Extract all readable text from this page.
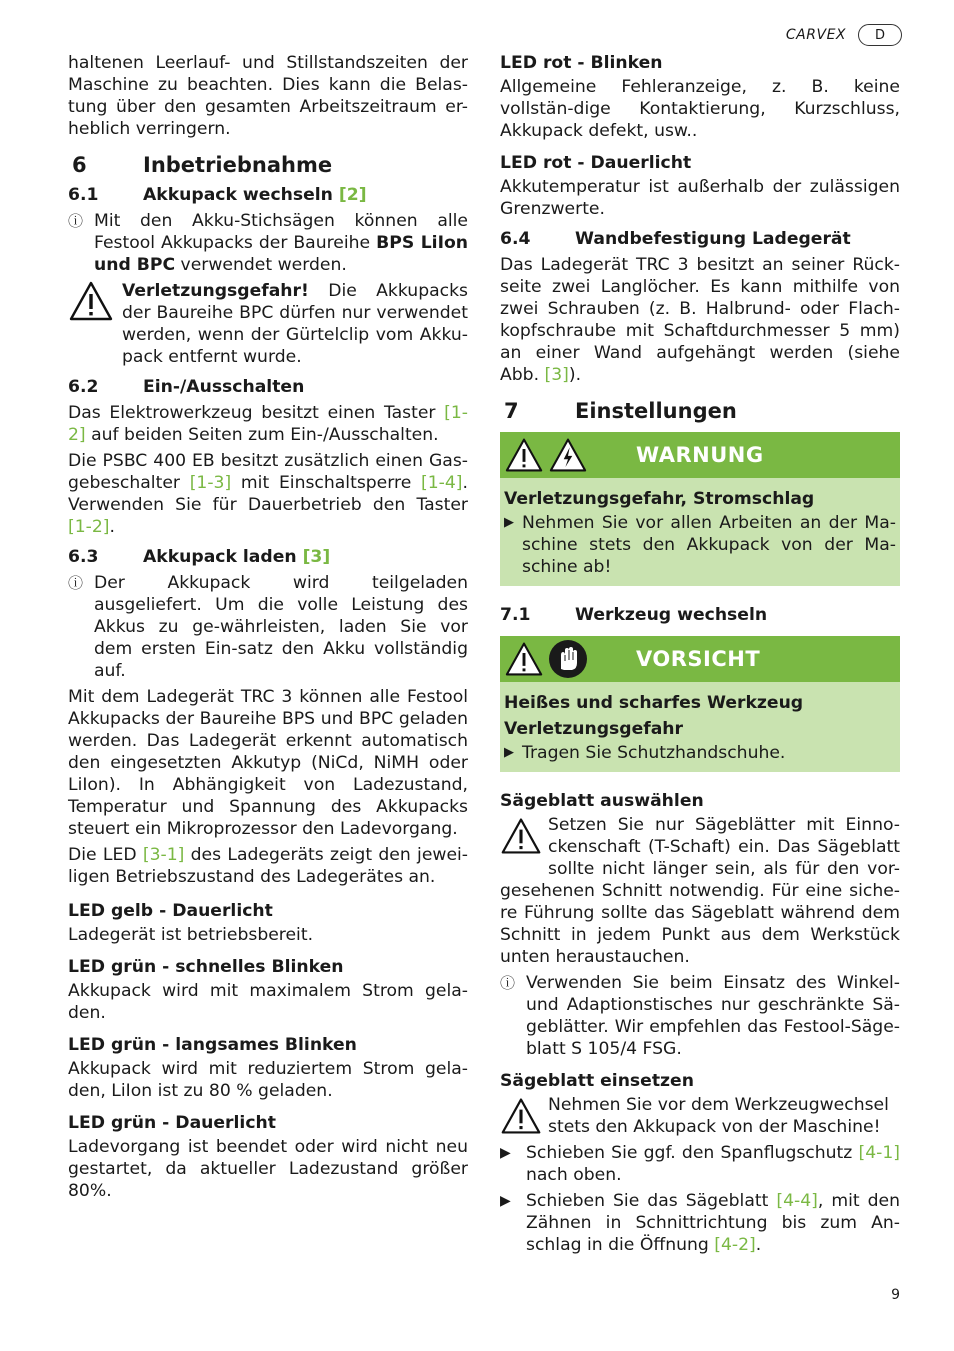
CARVEX	D

haltenen Leerlauf- und Stillstandszeiten der Maschine zu beachten. Dies kann die Belas-tung über den gesamten Arbeitszeitraum er-heblich verringern.

6	Inbetriebnahme
6.1	Akkupack wechseln [2]
ⓘ Mit den Akku-Stichsägen können alle Festool Akkupacks der Baureihe BPS LiIon und BPC verwendet werden.

Verletzungsgefahr! Die Akkupacks der Baureihe BPC dürfen nur verwendet werden, wenn der Gürtelclip vom Akku-pack entfernt wurde.

6.2	Ein-/Ausschalten

Das Elektrowerkzeug besitzt einen Taster [1-2] auf beiden Seiten zum Ein-/Ausschalten.

Die PSBC 400 EB besitzt zusätzlich einen Gas-gebeschalter [1-3] mit Einschaltsperre [1-4]. Verwenden Sie für Dauerbetrieb den Taster [1-2].

6.3	Akkupack laden [3]
ⓘ Der Akkupack wird teilgeladen ausgeliefert. Um die volle Leistung des Akkus zu ge-währleisten, laden Sie vor dem ersten Ein-satz den Akku vollständig auf.

Mit dem Ladegerät TRC 3 können alle Festool Akkupacks der Baureihe BPS und BPC geladen werden. Das Ladegerät erkennt automatisch den eingesetzten Akkutyp (NiCd, NiMH oder LiIon). In Abhängigkeit von Ladezustand, Temperatur und Spannung des Akkupacks steuert ein Mikroprozessor den Ladevorgang.

Die LED [3-1] des Ladegeräts zeigt den jewei-ligen Betriebszustand des Ladegerätes an.

LED gelb - Dauerlicht

Ladegerät ist betriebsbereit.

LED grün - schnelles Blinken

Akkupack wird mit maximalem Strom gela-den.

LED grün - langsames Blinken

Akkupack wird mit reduziertem Strom gela-den, LiIon ist zu 80 % geladen.

LED grün - Dauerlicht

Ladevorgang ist beendet oder wird nicht neu gestartet, da aktueller Ladezustand größer 80%.

LED rot - Blinken

Allgemeine Fehleranzeige, z. B. keine vollstän-dige Kontaktierung, Kurzschluss, Akkupack defekt, usw..

LED rot - Dauerlicht

Akkutemperatur ist außerhalb der zulässigen Grenzwerte.

6.4	Wandbefestigung Ladegerät

Das Ladegerät TRC 3 besitzt an seiner Rück-seite zwei Langlöcher. Es kann mithilfe von zwei Schrauben (z. B. Halbrund- oder Flach-kopfschraube mit Schaftdurchmesser 5 mm) an einer Wand aufgehängt werden (siehe Abb. [3]).

7	Einstellungen
WARNUNG
Verletzungsgefahr, Stromschlag
▶ Nehmen Sie vor allen Arbeiten an der Ma-schine stets den Akkupack von der Ma-schine ab!

7.1	Werkzeug wechseln
VORSICHT
Heißes und scharfes Werkzeug
Verletzungsgefahr
▶ Tragen Sie Schutzhandschuhe.

Sägeblatt auswählen

Setzen Sie nur Sägeblätter mit Einno-ckenschaft (T-Schaft) ein. Das Sägeblatt sollte nicht länger sein, als für den vor-gesehenen Schnitt notwendig. Für eine siche-re Führung sollte das Sägeblatt während dem Schnitt in jedem Punkt aus dem Werkstück unten heraustauchen.

ⓘ Verwenden Sie beim Einsatz des Winkel- und Adaptionstisches nur geschränkte Sä-geblätter. Wir empfehlen das Festool-Säge-blatt S 105/4 FSG.

Sägeblatt einsetzen

Nehmen Sie vor dem Werkzeugwechsel stets den Akkupack von der Maschine!

▶ Schieben Sie ggf. den Spanflugschutz [4-1] nach oben.

▶ Schieben Sie das Sägeblatt [4-4], mit den Zähnen in Schnittrichtung bis zum An-schlag in die Öffnung [4-2].

9
